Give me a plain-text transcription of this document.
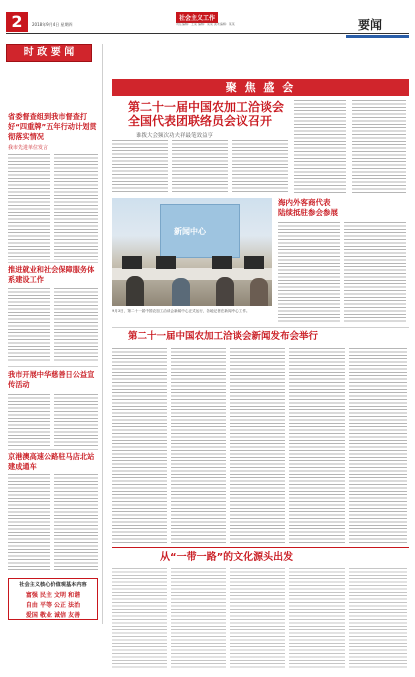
2	2018年9月4日 星期四
社会主义工作
责任编辑：王某 编辑：某某 美术编辑：某某	要闻
时 政 要 闻
省委督查组到我市督查打好“四重牌”五年行动计划贯彻落实情况
我市先进单位发言
推进就业和社会保障服务体系建设工作
我市开展中华慈善日公益宣传活动
京港澳高速公路驻马店北站建成通车
社会主义核心价值观基本内容
富强 民主 文明 和谐
自由 平等 公正 法治
爱国 敬业 诚信 友善
聚 焦 盛 会
第二十一届中国农加工洽谈会
全国代表团联络员会议召开
谁拨大会频次功夫祥最笔效益亨
新闻中心
9月3日，第二十一届中国农加工洽谈会新闻中心正式运行，各地记者在新闻中心工作。
海内外客商代表
陆续抵驻参会参展
第二十一届中国农加工洽谈会新闻发布会举行
从“一带一路”的文化源头出发
